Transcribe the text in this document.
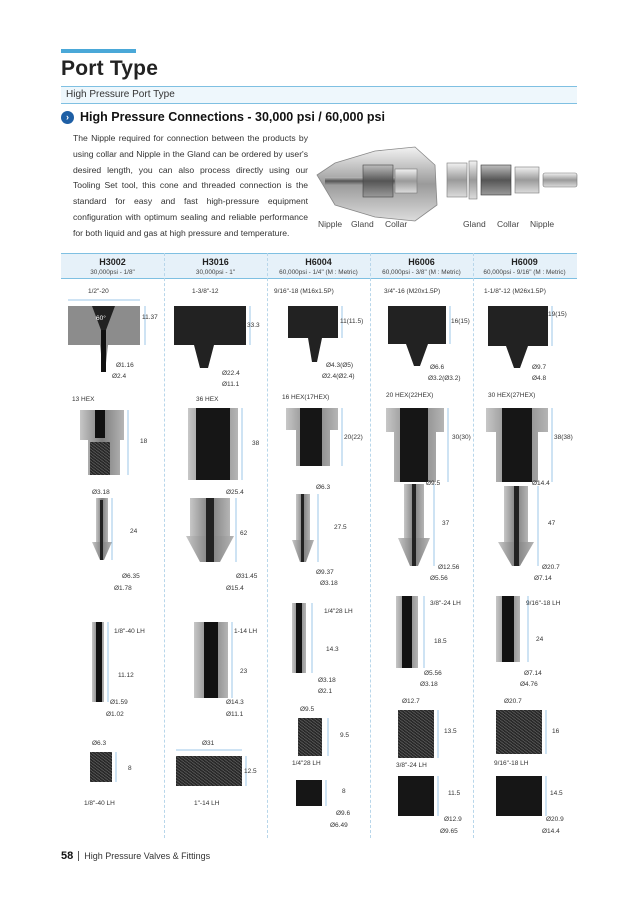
Port Type
High Pressure Port Type
› High Pressure Connections - 30,000 psi / 60,000 psi

The Nipple required for connection between the products by using collar and Nipple in the Gland can be ordered by user's desired length, you can also process directly using our Tooling Set tool, this cone and threaded connection is the standard for easy and fast high-pressure equipment configuration with optimum sealing and reliable performance for both liquid and gas at high pressure and temperature.

Nipple Gland Collar	Gland Collar Nipple
H3002
30,000psi - 1/8"
H3016
30,000psi - 1"
H6004
60,000psi - 1/4" (M : Metric)
H6006
60,000psi - 3/8" (M : Metric)
H6009
60,000psi - 9/16" (M : Metric)
1/2"-20
60°	11.37
Ø1.16
Ø2.4
13 HEX
18
Ø3.18
24
Ø6.35
Ø1.78
1/8"-40 LH
11.12
Ø1.59
Ø1.02
Ø6.3
8
1/8"-40 LH
1-3/8"-12
33.3
Ø22.4
Ø11.1
36 HEX
38
Ø25.4
62
Ø31.45
Ø15.4
1-14 LH
23
Ø14.3
Ø11.1
Ø31
12.5
1"-14 LH
9/16"-18 (M16x1.5P)
11(11.5)
Ø4.3(Ø5)
Ø2.4(Ø2.4)
16 HEX(17HEX)
20(22)
Ø6.3
27.5
Ø9.37
Ø3.18
1/4"28 LH
14.3
Ø3.18
Ø2.1
Ø9.5
9.5
1/4"28 LH
8
Ø9.6
Ø6.49
3/4"-16 (M20x1.5P)
16(15)
Ø6.6
Ø3.2(Ø3.2)
20 HEX(22HEX)
30(30)
Ø9.5
37
Ø12.56
Ø5.56
3/8"-24 LH
18.5
Ø5.56
Ø3.18
Ø12.7
13.5
3/8"-24 LH
11.5
Ø12.9
Ø9.65
1-1/8"-12 (M26x1.5P)
19(15)
Ø9.7
Ø4.8
30 HEX(27HEX)
38(38)
Ø14.4
47
Ø20.7
Ø7.14
9/16"-18 LH
24
Ø7.14
Ø4.76
Ø20.7
16
9/16"-18 LH
14.5
Ø20.9
Ø14.4
58 High Pressure Valves & Fittings
